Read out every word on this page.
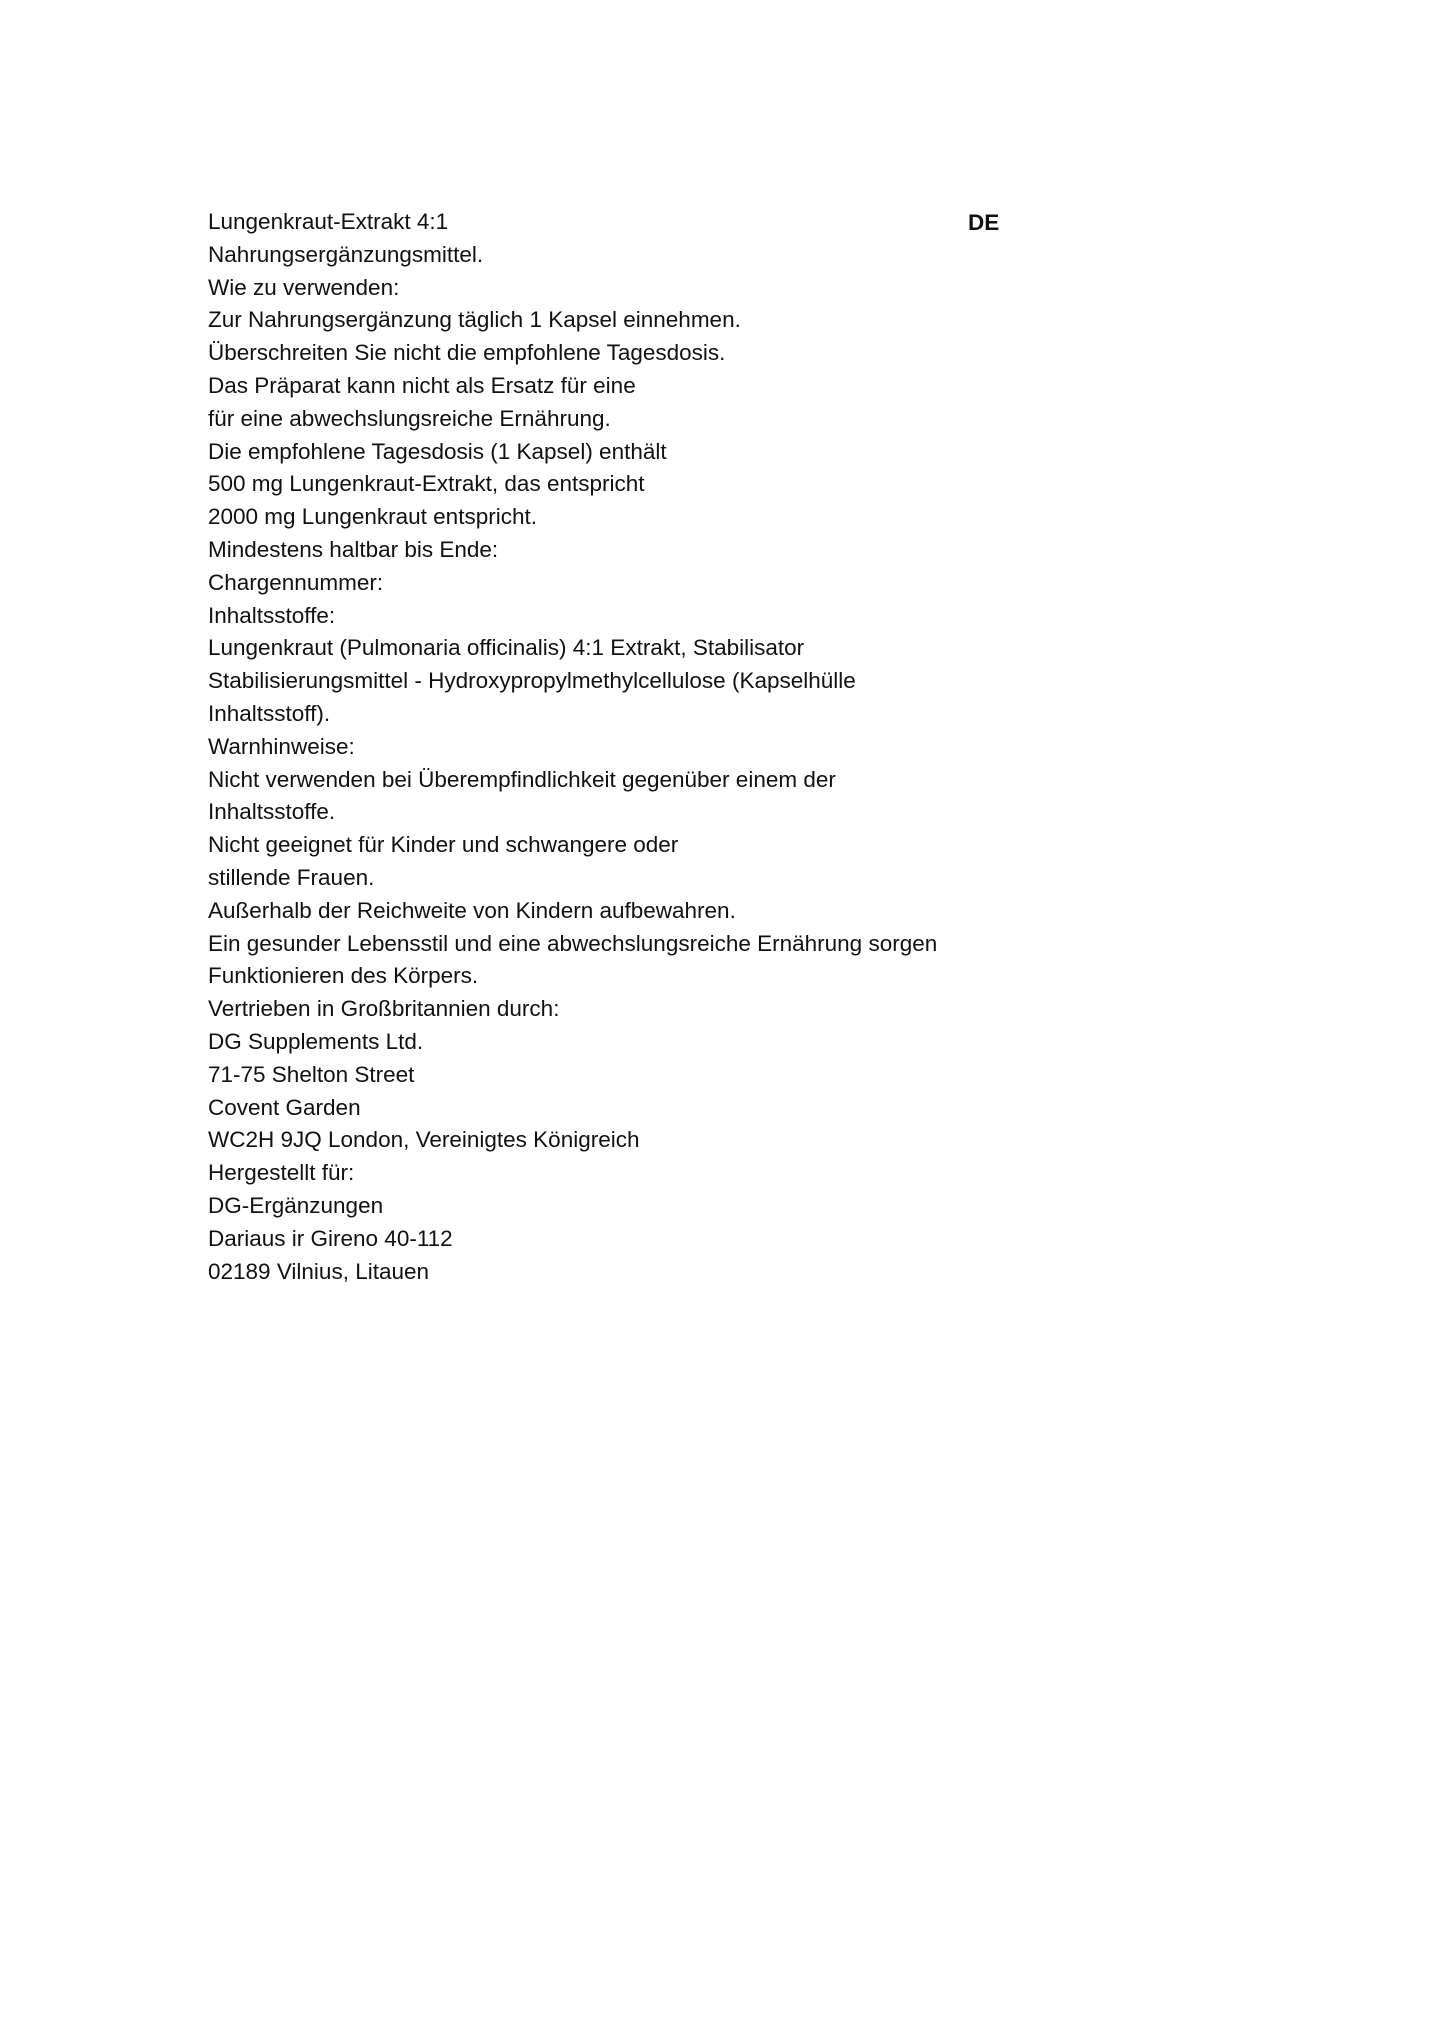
Lungenkraut-Extrakt 4:1
Nahrungsergänzungsmittel.
Wie zu verwenden:
Zur Nahrungsergänzung täglich 1 Kapsel einnehmen.
Überschreiten Sie nicht die empfohlene Tagesdosis.
Das Präparat kann nicht als Ersatz für eine
für eine abwechslungsreiche Ernährung.
Die empfohlene Tagesdosis (1 Kapsel) enthält
500 mg Lungenkraut-Extrakt, das entspricht
2000 mg Lungenkraut entspricht.
Mindestens haltbar bis Ende:
Chargennummer:
Inhaltsstoffe:
Lungenkraut (Pulmonaria officinalis) 4:1 Extrakt, Stabilisator
Stabilisierungsmittel - Hydroxypropylmethylcellulose (Kapselhülle
Inhaltsstoff).
Warnhinweise:
Nicht verwenden bei Überempfindlichkeit gegenüber einem der
Inhaltsstoffe.
Nicht geeignet für Kinder und schwangere oder
stillende Frauen.
Außerhalb der Reichweite von Kindern aufbewahren.
Ein gesunder Lebensstil und eine abwechslungsreiche Ernährung sorgen
Funktionieren des Körpers.
Vertrieben in Großbritannien durch:
DG Supplements Ltd.
71-75 Shelton Street
Covent Garden
WC2H 9JQ London, Vereinigtes Königreich
Hergestellt für:
DG-Ergänzungen
Dariaus ir Gireno 40-112
02189 Vilnius, Litauen
DE
